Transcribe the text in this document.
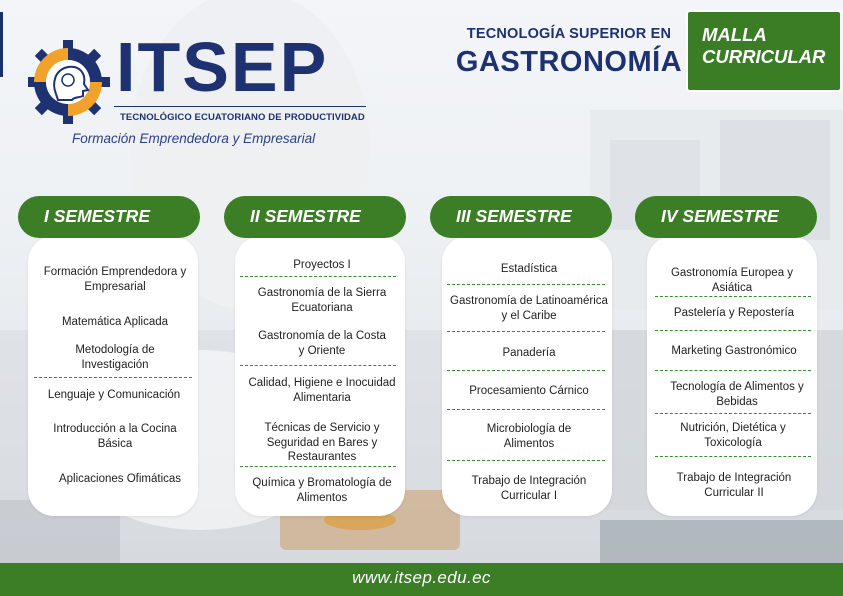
ITSEP
TECNOLÓGICO ECUATORIANO DE PRODUCTIVIDAD
Formación Emprendedora y Empresarial
TECNOLOGÍA SUPERIOR EN
GASTRONOMÍA
MALLA
CURRICULAR
I SEMESTRE
Formación Emprendedora y Empresarial
Matemática Aplicada
Metodología de Investigación
Lenguaje y Comunicación
Introducción a la Cocina Básica
Aplicaciones Ofimáticas
II SEMESTRE
Proyectos I
Gastronomía de la Sierra Ecuatoriana
Gastronomía de la Costa y Oriente
Calidad, Higiene e Inocuidad Alimentaria
Técnicas de Servicio y Seguridad en Bares y Restaurantes
Química y Bromatología de Alimentos
III SEMESTRE
Estadística
Gastronomía de Latinoamérica y el Caribe
Panadería
Procesamiento Cárnico
Microbiología de Alimentos
Trabajo de Integración Curricular I
IV SEMESTRE
Gastronomía Europea y Asiática
Pastelería y Repostería
Marketing Gastronómico
Tecnología de Alimentos y Bebidas
Nutrición, Dietética y Toxicología
Trabajo de Integración Curricular II
www.itsep.edu.ec
